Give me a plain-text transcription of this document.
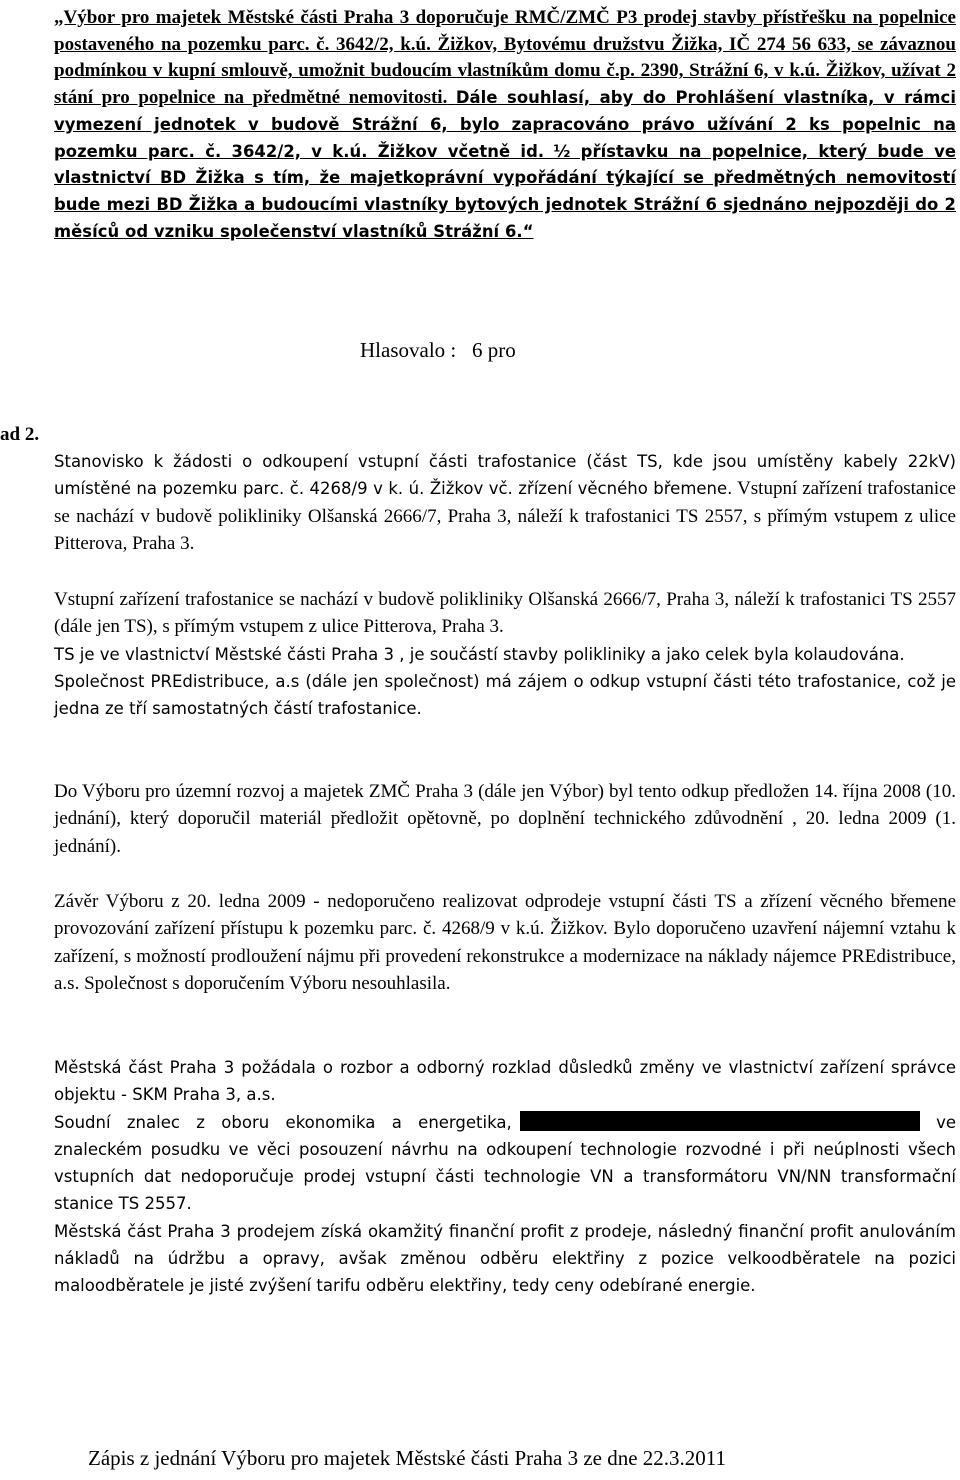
„Výbor pro majetek Městské části Praha 3 doporučuje RMČ/ZMČ P3 prodej stavby přístřešku na popelnice postaveného na pozemku parc. č. 3642/2, k.ú. Žižkov, Bytovému družstvu Žižka, IČ 274 56 633, se závaznou podmínkou v kupní smlouvě, umožnit budoucím vlastníkům domu č.p. 2390, Strážní 6, v k.ú. Žižkov, užívat 2 stání pro popelnice na předmětné nemovitosti. Dále souhlasí, aby do Prohlášení vlastníka, v rámci vymezení jednotek v budově Strážní 6, bylo zapracováno právo užívání 2 ks popelnic na pozemku parc. č. 3642/2, v k.ú. Žižkov včetně id. ½ přístavku na popelnice, který bude ve vlastnictví BD Žižka s tím, že majetkoprávní vypořádání týkající se předmětných nemovitostí bude mezi BD Žižka a budoucími vlastníky bytových jednotek Strážní 6 sjednáno nejpozději do 2 měsíců od vzniku společenství vlastníků Strážní 6.“
Hlasovalo :   6 pro
ad 2.

Stanovisko k žádosti o odkoupení vstupní části trafostanice (část TS, kde jsou umístěny kabely 22kV) umístěné na pozemku parc. č. 4268/9 v k. ú. Žižkov vč. zřízení věcného břemene. Vstupní zařízení trafostanice se nachází v budově polikliniky Olšanská 2666/7, Praha 3, náleží k trafostanici TS 2557, s přímým vstupem z ulice Pitterova, Praha 3.

Vstupní zařízení trafostanice se nachází v budově polikliniky Olšanská 2666/7, Praha 3, náleží k trafostanici TS 2557 (dále jen TS), s přímým vstupem z ulice Pitterova, Praha 3.

TS je ve vlastnictví Městské části Praha 3 , je součástí stavby polikliniky a jako celek byla kolaudována.

Společnost PREdistribuce, a.s (dále jen společnost) má zájem o odkup vstupní části této trafostanice, což je jedna ze tří samostatných částí trafostanice.

Do Výboru pro územní rozvoj a majetek ZMČ Praha 3 (dále jen Výbor) byl tento odkup předložen 14. října 2008 (10. jednání), který doporučil materiál předložit opětovně, po doplnění technického zdůvodnění , 20. ledna 2009 (1. jednání).

Závěr Výboru z 20. ledna 2009 - nedoporučeno realizovat odprodeje vstupní části TS a zřízení věcného břemene provozování zařízení přístupu k pozemku parc. č. 4268/9 v k.ú. Žižkov. Bylo doporučeno uzavření nájemní vztahu k zařízení, s možností prodloužení nájmu při provedení rekonstrukce a modernizace na náklady nájemce PREdistribuce, a.s. Společnost s doporučením Výboru nesouhlasila.

Městská část Praha 3 požádala o rozbor a odborný rozklad důsledků změny ve vlastnictví zařízení správce objektu - SKM Praha 3, a.s.

Soudní znalec z oboru ekonomika a energetika,	ve znaleckém posudku ve věci posouzení návrhu na odkoupení technologie rozvodné i při neúplnosti všech vstupních dat nedoporučuje prodej vstupní části technologie VN a transformátoru VN/NN transformační stanice TS 2557.

Městská část Praha 3 prodejem získá okamžitý finanční profit z prodeje, následný finanční profit anulováním nákladů na údržbu a opravy, avšak změnou odběru elektřiny z pozice velkoodběratele na pozici maloodběratele je jisté zvýšení tarifu odběru elektřiny, tedy ceny odebírané energie.

Zápis z jednání Výboru pro majetek Městské části Praha 3 ze dne 22.3.2011
